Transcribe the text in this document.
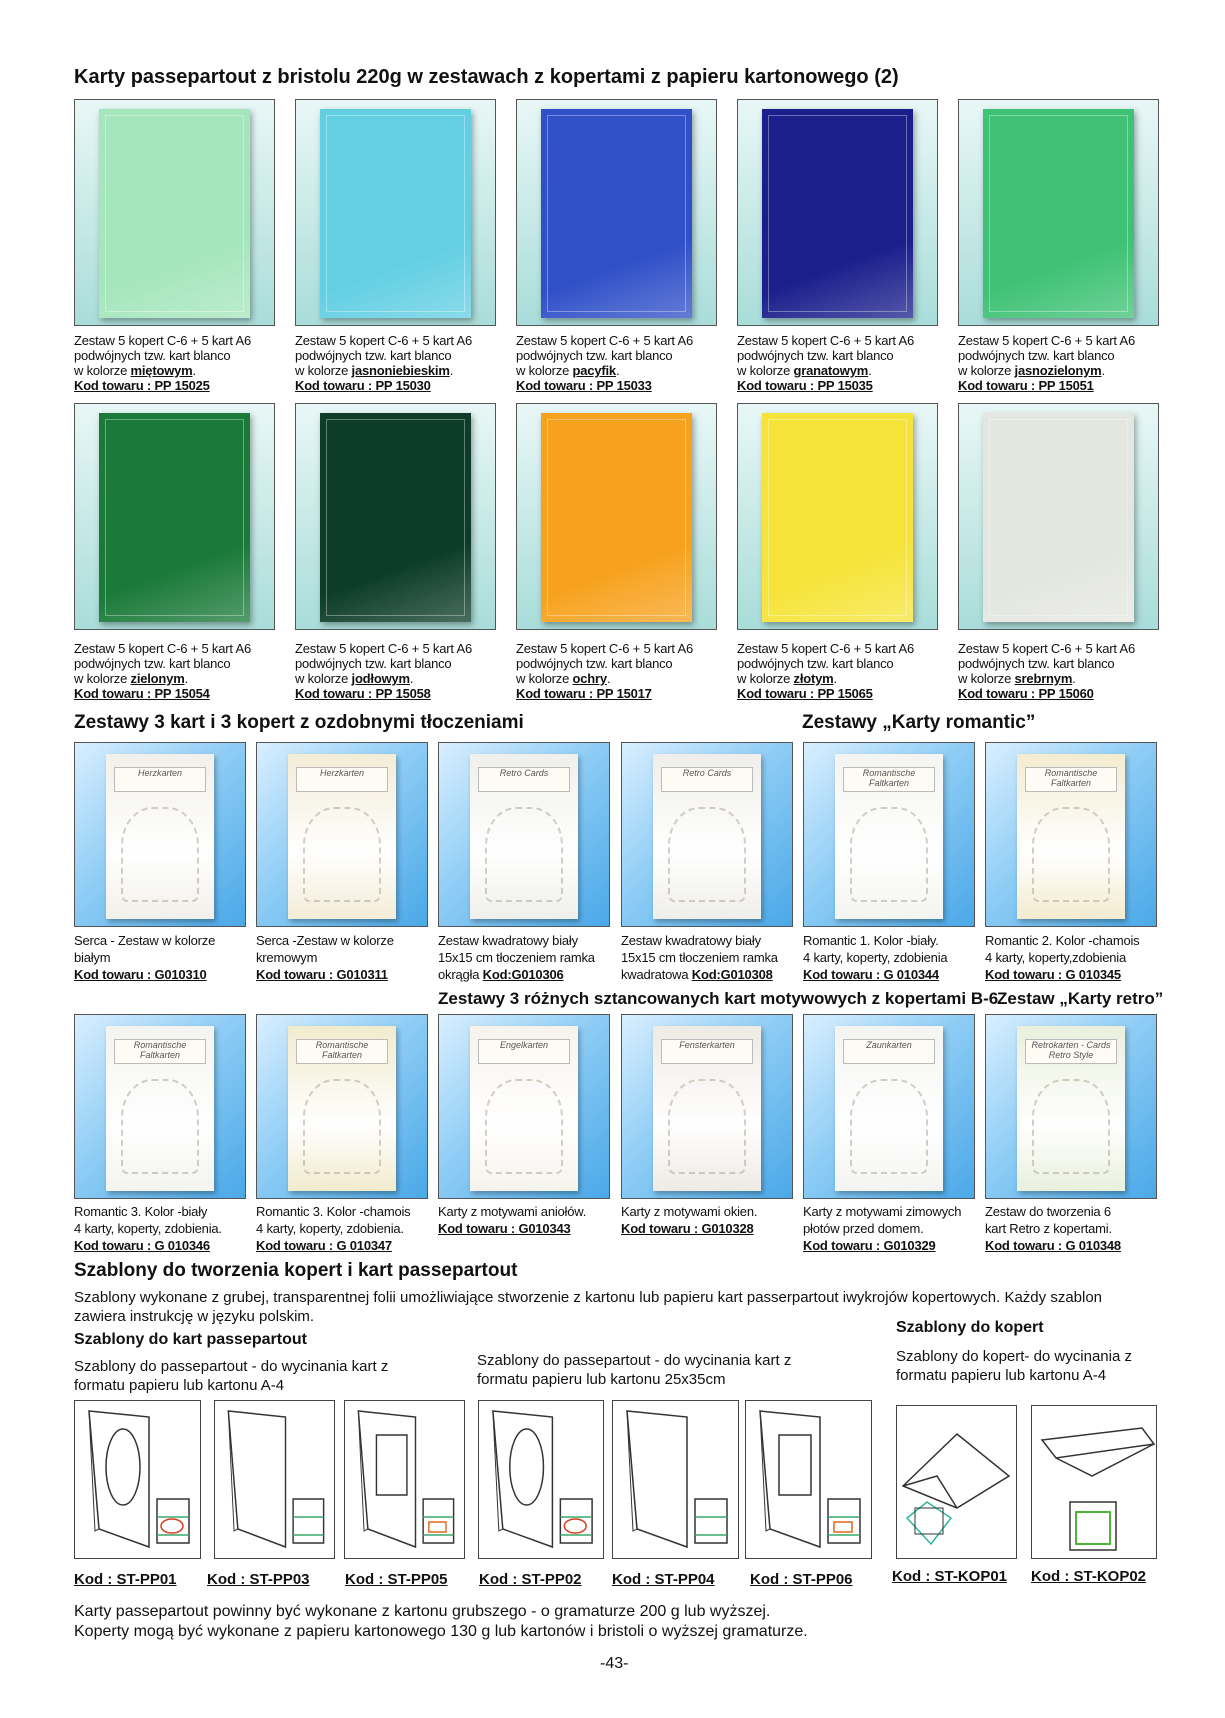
Karty passepartout z bristolu 220g w zestawach z kopertami z papieru kartonowego (2)
Zestaw 5 kopert C-6 + 5 kart A6
podwójnych tzw. kart blanco
w kolorze miętowym.
Kod towaru : PP 15025
Zestaw 5 kopert C-6 + 5 kart A6
podwójnych tzw. kart blanco
w kolorze jasnoniebieskim.
Kod towaru : PP 15030
Zestaw 5 kopert C-6 + 5 kart A6
podwójnych tzw. kart blanco
w kolorze pacyfik.
Kod towaru : PP 15033
Zestaw 5 kopert C-6 + 5 kart A6
podwójnych tzw. kart blanco
w kolorze granatowym.
Kod towaru : PP 15035
Zestaw 5 kopert C-6 + 5 kart A6
podwójnych tzw. kart blanco
w kolorze jasnozielonym.
Kod towaru : PP 15051
Zestaw 5 kopert C-6 + 5 kart A6
podwójnych tzw. kart blanco
w kolorze zielonym.
Kod towaru : PP 15054
Zestaw 5 kopert C-6 + 5 kart A6
podwójnych tzw. kart blanco
w kolorze jodłowym.
Kod towaru : PP 15058
Zestaw 5 kopert C-6 + 5 kart A6
podwójnych tzw. kart blanco
w kolorze ochry.
Kod towaru : PP 15017
Zestaw 5 kopert C-6 + 5 kart A6
podwójnych tzw. kart blanco
w kolorze złotym.
Kod towaru : PP 15065
Zestaw 5 kopert C-6 + 5 kart A6
podwójnych tzw. kart blanco
w kolorze srebrnym.
Kod towaru : PP 15060
Zestawy 3 kart i 3 kopert z ozdobnymi tłoczeniami	Zestawy „Karty romantic”
Herzkarten
Serca - Zestaw w kolorze
białym
Kod towaru : G010310
Herzkarten
Serca -Zestaw w kolorze
kremowym
Kod towaru : G010311
Retro Cards
Zestaw kwadratowy biały
15x15 cm tłoczeniem ramka
okrągła Kod:G010306
Retro Cards
Zestaw kwadratowy biały
15x15 cm tłoczeniem ramka
kwadratowa Kod:G010308
Romantische Faltkarten
Romantic 1. Kolor -biały.
4 karty, koperty, zdobienia
Kod towaru : G 010344
Romantische Faltkarten
Romantic 2. Kolor -chamois
4 karty, koperty,zdobienia
Kod towaru : G 010345
Zestawy 3 różnych sztancowanych kart motywowych z kopertami B-6
Zestaw „Karty retro”
Romantische Faltkarten
Romantic 3. Kolor -biały
4 karty, koperty, zdobienia.
Kod towaru : G 010346
Romantische Faltkarten
Romantic 3. Kolor -chamois
4 karty, koperty, zdobienia.
Kod towaru : G 010347
Engelkarten
Karty z motywami aniołów.
Kod towaru : G010343
Fensterkarten
Karty z motywami okien.
Kod towaru : G010328
Zaunkarten
Karty z motywami zimowych
płotów przed domem.
Kod towaru : G010329
Retrokarten - Cards Retro Style
Zestaw do tworzenia 6
kart Retro z kopertami.
Kod towaru : G 010348
Szablony do tworzenia kopert i kart passepartout

Szablony wykonane z grubej, transparentnej folii umożliwiające stworzenie z kartonu lub papieru kart passerpartout iwykrojów kopertowych. Każdy szablon zawiera instrukcję w języku polskim.

Szablony do kart passepartout

Szablony do passepartout - do wycinania kart z formatu papieru lub kartonu A-4

Szablony do passepartout - do wycinania kart z formatu papieru lub kartonu 25x35cm

Szablony do kopert

Szablony do kopert- do wycinania z formatu papieru lub kartonu A-4

Kod : ST-PP01 Kod : ST-PP03 Kod : ST-PP05 Kod : ST-PP02 Kod : ST-PP04 Kod : ST-PP06	Kod : ST-KOP01 Kod : ST-KOP02

Karty passepartout powinny być wykonane z kartonu grubszego - o gramaturze 200 g lub wyższej.

Koperty mogą być wykonane z papieru kartonowego 130 g lub kartonów i bristoli o wyższej gramaturze.

-43-
